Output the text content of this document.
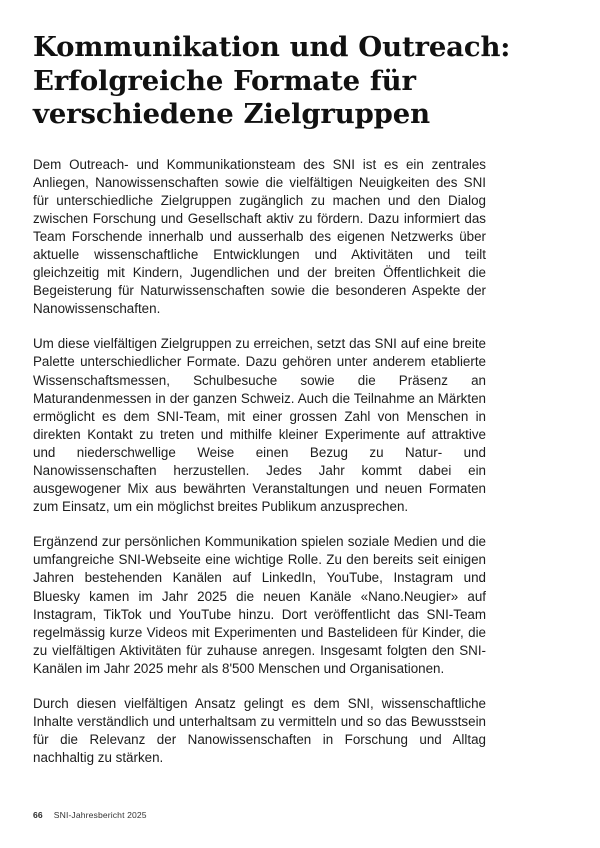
Kommunikation und Outreach:
Erfolgreiche Formate für
verschiedene Zielgruppen

Dem Outreach- und Kommunikationsteam des SNI ist es ein zentrales Anliegen, Nanowissenschaften sowie die vielfältigen Neuigkeiten des SNI für unterschiedliche Zielgruppen zugänglich zu machen und den Dialog zwischen Forschung und Gesellschaft aktiv zu fördern. Dazu informiert das Team Forschende innerhalb und ausserhalb des eigenen Netzwerks über aktuelle wissenschaftliche Entwicklungen und Aktivitäten und teilt gleichzeitig mit Kindern, Jugendlichen und der breiten Öffentlichkeit die Begeisterung für Naturwissenschaften sowie die besonderen Aspekte der Nanowissenschaften.

Um diese vielfältigen Zielgruppen zu erreichen, setzt das SNI auf eine breite Palette unterschiedlicher Formate. Dazu gehören unter anderem etablierte Wissenschaftsmessen, Schulbesuche sowie die Präsenz an Maturandenmessen in der ganzen Schweiz. Auch die Teilnahme an Märkten ermöglicht es dem SNI-Team, mit einer grossen Zahl von Menschen in direkten Kontakt zu treten und mithilfe kleiner Experimente auf attraktive und niederschwellige Weise einen Bezug zu Natur- und Nanowissenschaften herzustellen. Jedes Jahr kommt dabei ein ausgewogener Mix aus bewährten Veranstaltungen und neuen Formaten zum Einsatz, um ein möglichst breites Publikum anzusprechen.

Ergänzend zur persönlichen Kommunikation spielen soziale Medien und die umfangreiche SNI-Webseite eine wichtige Rolle. Zu den bereits seit einigen Jahren bestehenden Kanälen auf LinkedIn, YouTube, Instagram und Bluesky kamen im Jahr 2025 die neuen Kanäle «Nano.Neugier» auf Instagram, TikTok und YouTube hinzu. Dort veröffentlicht das SNI-Team regelmässig kurze Videos mit Experimenten und Bastelideen für Kinder, die zu vielfältigen Aktivitäten für zuhause anregen. Insgesamt folgten den SNI-Kanälen im Jahr 2025 mehr als 8'500 Menschen und Organisationen.

Durch diesen vielfältigen Ansatz gelingt es dem SNI, wissenschaftliche Inhalte verständlich und unterhaltsam zu vermitteln und so das Bewusstsein für die Relevanz der Nanowissenschaften in Forschung und Alltag nachhaltig zu stärken.

66 SNI-Jahresbericht 2025
